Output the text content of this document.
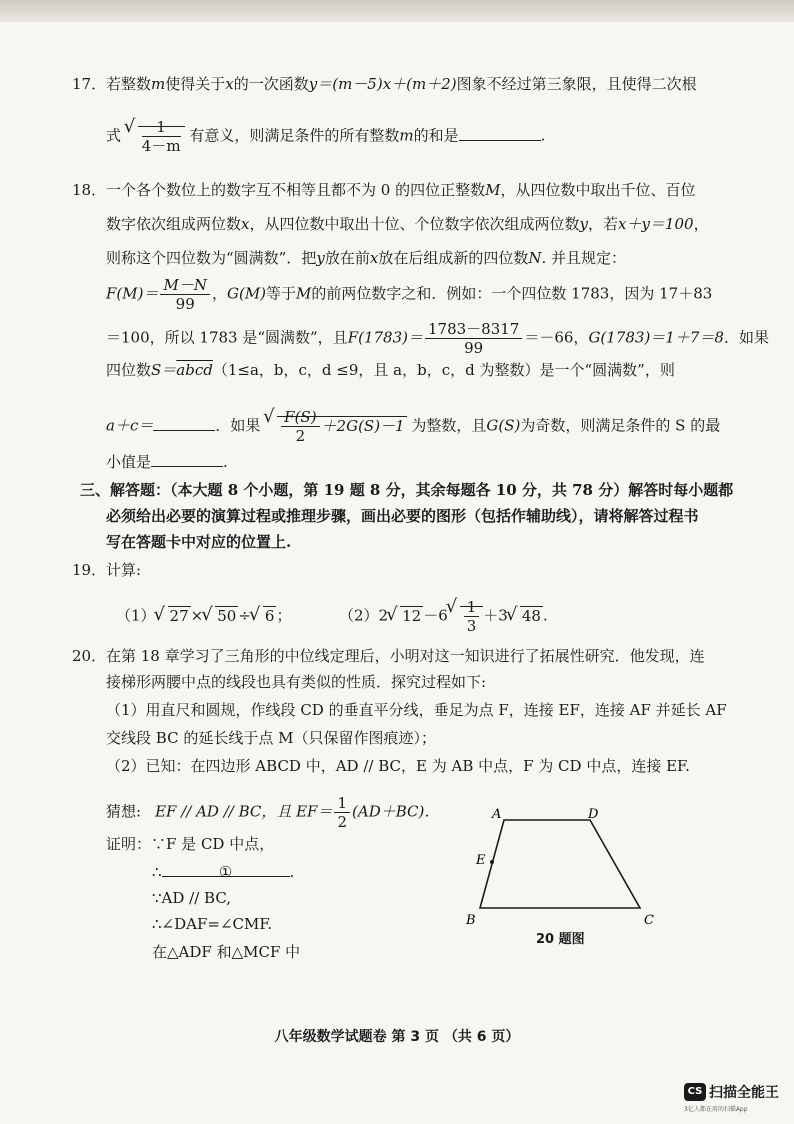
17．若整数m使得关于x的一次函数y＝(m－5)x＋(m＋2)图象不经过第三象限，且使得二次根
式 √ $\frac{1}{4-m}$ 有意义，则满足条件的所有整数m的和是	.
18．一个各个数位上的数字互不相等且都不为 0 的四位正整数M，从四位数中取出千位、百位
数字依次组成两位数x，从四位数中取出十位、个位数字依次组成两位数y，若x＋y＝100，
则称这个四位数为“圆满数”．把y放在前x放在后组成新的四位数N. 并且规定：
$F(M)= \frac{M-N}{99}$ ，G(M)等于M的前两位数字之和．例如：一个四位数 1783，因为 17＋83
＝100，所以 1783 是“圆满数”，且$F(1783)= \frac{1783-8317}{99} =-66$，G(1783)＝1＋7＝8．如果
四位数S＝abcd（1≤a，b，c，d ≤9，且 a，b，c，d 为整数）是一个“圆满数”，则
a＋c＝	．如果 √ $\frac{F(S)}{2} +2G(S)-1$ 为整数，且G(S)为奇数，则满足条件的 S 的最
小值是	.
三、解答题：（本大题 8 个小题，第 19 题 8 分，其余每题各 10 分，共 78 分）解答时每小题都
必须给出必要的演算过程或推理步骤，画出必要的图形（包括作辅助线），请将解答过程书
写在答题卡中对应的位置上.
19．计算:
（1） √ 27 × √ 50 ÷ √ 6 ；	（2）2 √ 12 －6 √ $\frac{1}{3} +3$ √ 48 .
20．在第 18 章学习了三角形的中位线定理后，小明对这一知识进行了拓展性研究．他发现，连
接梯形两腰中点的线段也具有类似的性质．探究过程如下:
（1）用直尺和圆规，作线段 CD 的垂直平分线，垂足为点 F，连接 EF，连接 AF 并延长 AF
交线段 BC 的延长线于点 M（只保留作图痕迹）；
（2）已知：在四边形 ABCD 中，AD // BC，E 为 AB 中点，F 为 CD 中点，连接 EF.
猜想: EF // AD // BC，且 $EF= \frac{1}{2} (AD+BC)$．
证明：∵F 是 CD 中点，
∴	①	.
∵AD // BC,
∴∠DAF=∠CMF.
在△ADF 和△MCF 中
A	D
E
B	C
20 题图
八年级数学试题卷 第 3 页 （共 6 页）
CS 扫描全能王
3亿人都在用的扫描App
